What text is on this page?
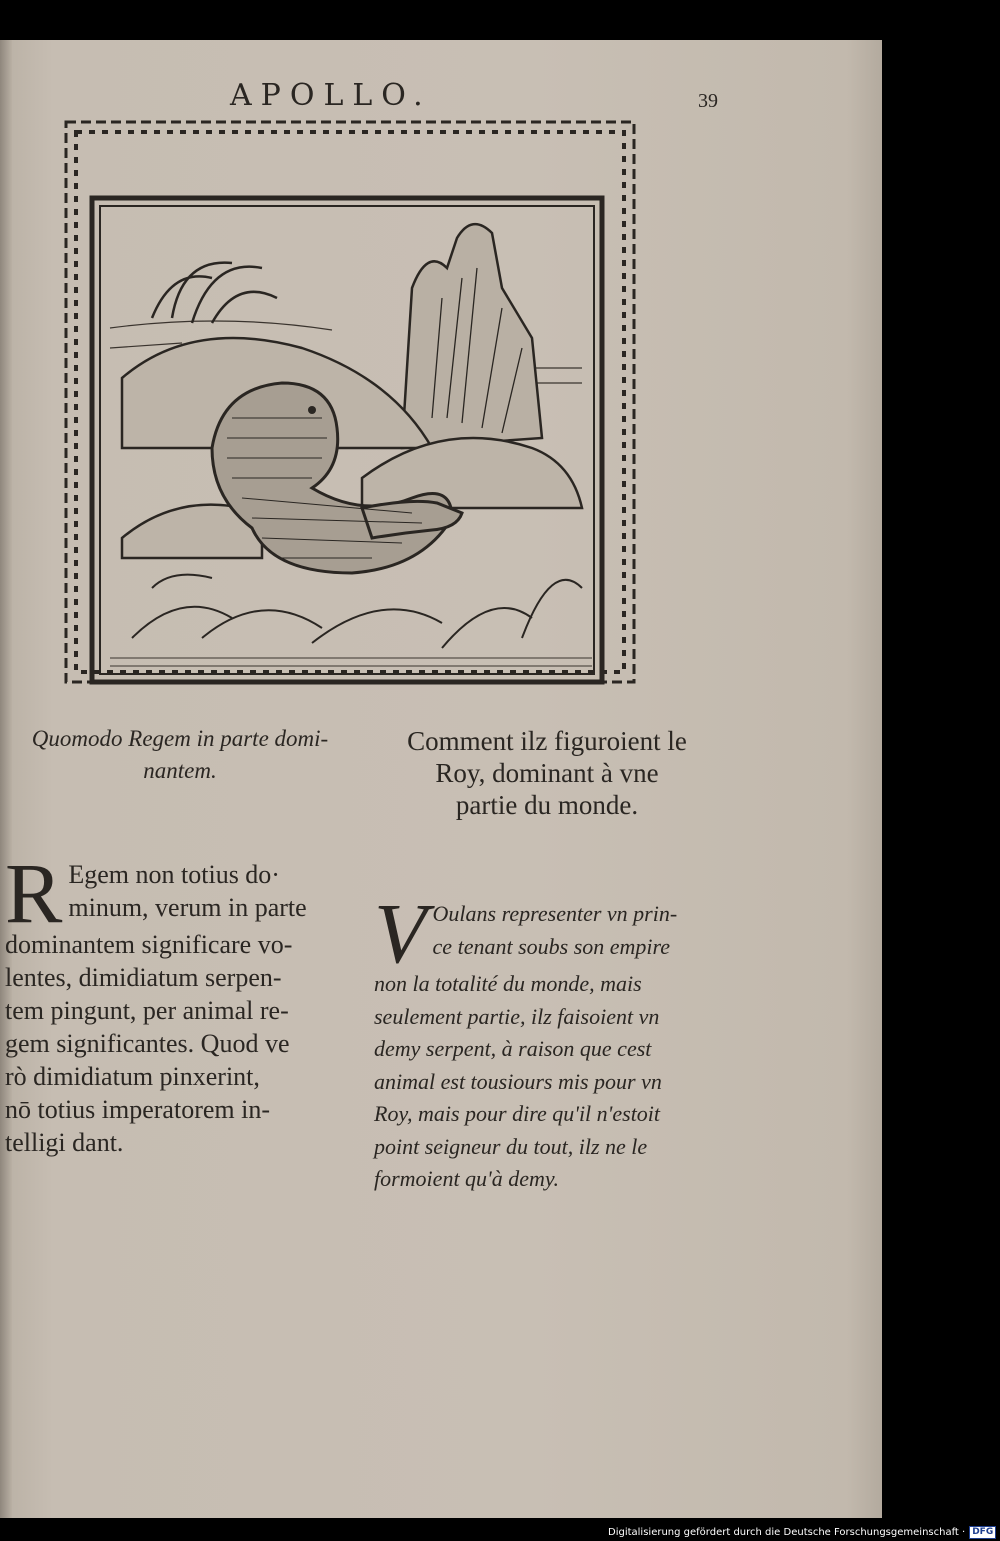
APOLLO.	39
Quomodo Regem in parte domi-
nantem.
R Egem non totius do·
minum, verum in parte
dominantem significare vo-
lentes, dimidiatum serpen-
tem pingunt, per animal re-
gem significantes. Quod ve
rò dimidiatum pinxerint,
nō totius imperatorem in-
telligi dant.
Comment ilz figuroient le
Roy, dominant à vne
partie du monde.
V Oulans representer vn prin-
ce tenant soubs son empire
non la totalité du monde, mais
seulement partie, ilz faisoient vn
demy serpent, à raison que cest
animal est tousiours mis pour vn
Roy, mais pour dire qu'il n'estoit
point seigneur du tout, ilz ne le
formoient qu'à demy.
Digitalisierung gefördert durch die Deutsche Forschungsgemeinschaft · DFG
